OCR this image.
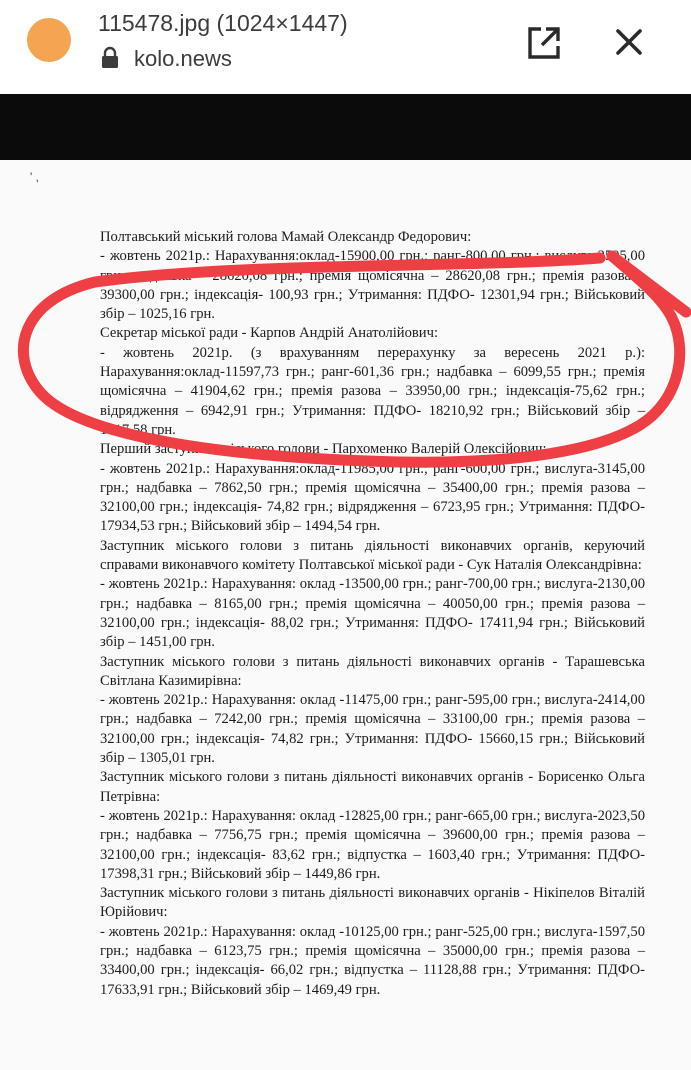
115478.jpg (1024×1447)
kolo.news
' ,

Полтавський міський голова Мамай Олександр Федорович:

- жовтень 2021р.: Нарахування:оклад-15900,00 грн.; ранг-800,00 грн.; вислуга-2505,00 грн.; надбавка – 28620,08 грн.; премія щомісячна – 28620,08 грн.; премія разова – 39300,00 грн.; індексація- 100,93 грн.; Утримання: ПДФО- 12301,94 грн.; Військовий збір – 1025,16 грн.

Секретар міської ради - Карпов Андрій Анатолійович:

- жовтень 2021р. (з врахуванням перерахунку за вересень 2021 р.): Нарахування:оклад-11597,73 грн.; ранг-601,36 грн.; надбавка – 6099,55 грн.; премія щомісячна – 41904,62 грн.; премія разова – 33950,00 грн.; індексація-75,62 грн.; відрядження – 6942,91 грн.; Утримання: ПДФО- 18210,92 грн.; Військовий збір – 1517,58 грн.

Перший заступник міського голови - Пархоменко Валерій Олексійович:

- жовтень 2021р.: Нарахування:оклад-11985,00 грн.; ранг-600,00 грн.; вислуга-3145,00 грн.; надбавка – 7862,50 грн.; премія щомісячна – 35400,00 грн.; премія разова – 32100,00 грн.; індексація- 74,82 грн.; відрядження – 6723,95 грн.; Утримання: ПДФО- 17934,53 грн.; Військовий збір – 1494,54 грн.

Заступник міського голови з питань діяльності виконавчих органів, керуючий справами виконавчого комітету Полтавської міської ради - Сук Наталія Олександрівна:

- жовтень 2021р.: Нарахування: оклад -13500,00 грн.; ранг-700,00 грн.; вислуга-2130,00 грн.; надбавка – 8165,00 грн.; премія щомісячна – 40050,00 грн.; премія разова – 32100,00 грн.; індексація- 88,02 грн.; Утримання: ПДФО- 17411,94 грн.; Військовий збір – 1451,00 грн.

Заступник міського голови з питань діяльності виконавчих органів - Тарашевська Світлана Казимирівна:

- жовтень 2021р.: Нарахування: оклад -11475,00 грн.; ранг-595,00 грн.; вислуга-2414,00 грн.; надбавка – 7242,00 грн.; премія щомісячна – 33100,00 грн.; премія разова – 32100,00 грн.; індексація- 74,82 грн.; Утримання: ПДФО- 15660,15 грн.; Військовий збір – 1305,01 грн.

Заступник міського голови з питань діяльності виконавчих органів - Борисенко Ольга Петрівна:

- жовтень 2021р.: Нарахування: оклад -12825,00 грн.; ранг-665,00 грн.; вислуга-2023,50 грн.; надбавка – 7756,75 грн.; премія щомісячна – 39600,00 грн.; премія разова – 32100,00 грн.; індексація- 83,62 грн.; відпустка – 1603,40 грн.; Утримання: ПДФО- 17398,31 грн.; Військовий збір – 1449,86 грн.

Заступник міського голови з питань діяльності виконавчих органів - Нікіпелов Віталій Юрійович:

- жовтень 2021р.: Нарахування: оклад -10125,00 грн.; ранг-525,00 грн.; вислуга-1597,50 грн.; надбавка – 6123,75 грн.; премія щомісячна – 35000,00 грн.; премія разова – 33400,00 грн.; індексація- 66,02 грн.; відпустка – 11128,88 грн.; Утримання: ПДФО- 17633,91 грн.; Військовий збір – 1469,49 грн.
